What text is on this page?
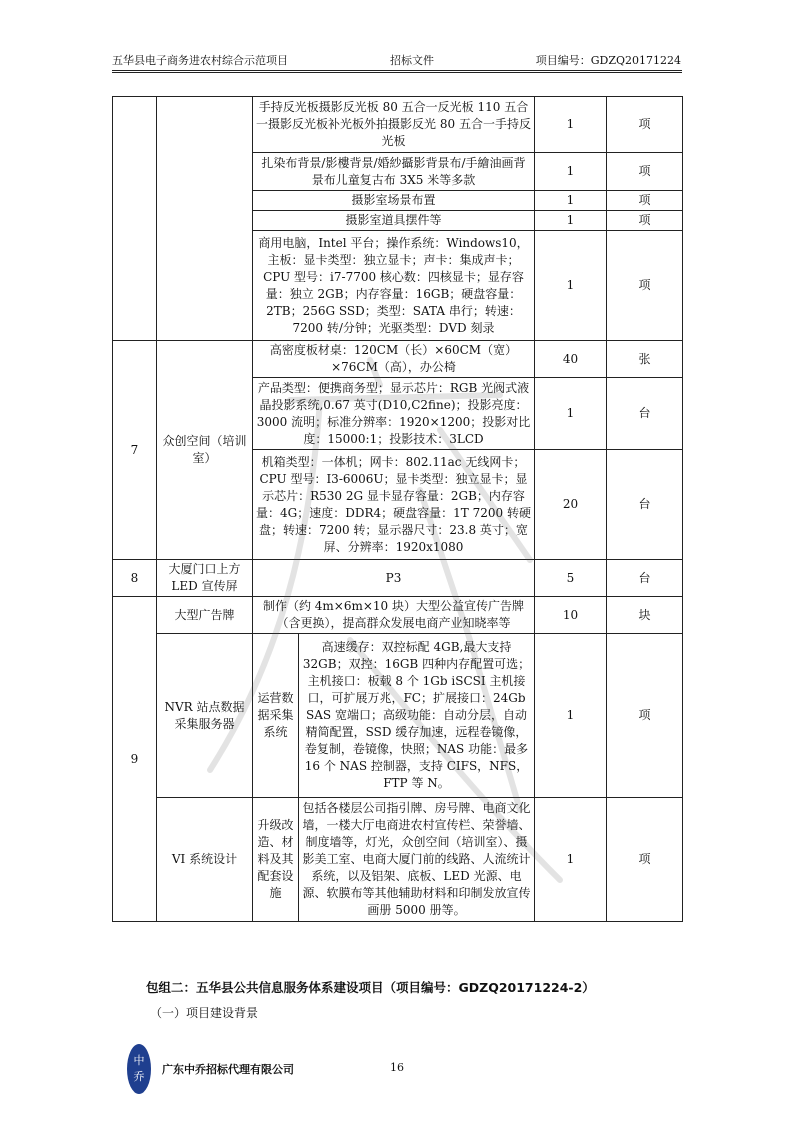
五华县电子商务进农村综合示范项目	招标文件	项目编号：GDZQ20171224
		手持反光板摄影反光板 80 五合一反光板 110 五合一摄影反光板补光板外拍摄影反光 80 五合一手持反光板		1	项
		扎染布背景/影樓背景/婚紗攝影背景布/手繪油画背景布儿童复古布 3X5 米等多款		1	项
		摄影室场景布置		1	项
		摄影室道具摆件等		1	项
		商用电脑，Intel 平台；操作系统：Windows10，主板：显卡类型：独立显卡；声卡：集成声卡；CPU 型号：i7-7700 核心数：四核显卡；显存容量：独立 2GB；内存容量：16GB；硬盘容量：2TB；256G SSD；类型：SATA 串行；转速：7200 转/分钟；光驱类型：DVD 刻录		1	项
7	众创空间（培训室）	高密度板材桌：120CM（长）×60CM（宽）×76CM（高），办公椅		40	张
		产品类型：便携商务型；显示芯片：RGB 光阀式液晶投影系统,0.67 英寸(D10,C2fine)；投影亮度：3000 流明；标准分辨率：1920×1200；投影对比度：15000:1；投影技术：3LCD		1	台
		机箱类型：一体机；网卡：802.11ac 无线网卡；CPU 型号：I3-6006U；显卡类型：独立显卡；显示芯片：R530 2G 显卡显存容量：2GB；内存容量：4G；速度：DDR4；硬盘容量：1T 7200 转硬盘；转速：7200 转；显示器尺寸：23.8 英寸；宽屏、分辨率：1920x1080		20	台
8	大厦门口上方 LED 宣传屏	P3		5	台
9	大型广告牌	制作（约 4m×6m×10 块）大型公益宣传广告牌（含更换），提高群众发展电商产业知晓率等		10	块
	NVR 站点数据采集服务器	运营数据采集系统	高速缓存：双控标配 4GB,最大支持 32GB；双控：16GB 四种内存配置可选；主机接口：板载 8 个 1Gb iSCSI 主机接口，可扩展万兆，FC；扩展接口：24Gb SAS 宽端口；高级功能：自动分层，自动精简配置，SSD 缓存加速，远程卷镜像，卷复制，卷镜像，快照；NAS 功能：最多 16 个 NAS 控制器，支持 CIFS，NFS，FTP 等 N。	1	项
	VI 系统设计	升级改造、材料及其配套设施	包括各楼层公司指引牌、房号牌、电商文化墙，一楼大厅电商进农村宣传栏、荣誉墙、制度墙等，灯光，众创空间（培训室）、摄影美工室、电商大厦门前的线路、人流统计系统，以及铝架、底板、LED 光源、电源、软膜布等其他辅助材料和印制发放宣传画册 5000 册等。	1	项
包组二：五华县公共信息服务体系建设项目（项目编号：GDZQ20171224-2）
（一）项目建设背景
中
乔
广东中乔招标代理有限公司	16
